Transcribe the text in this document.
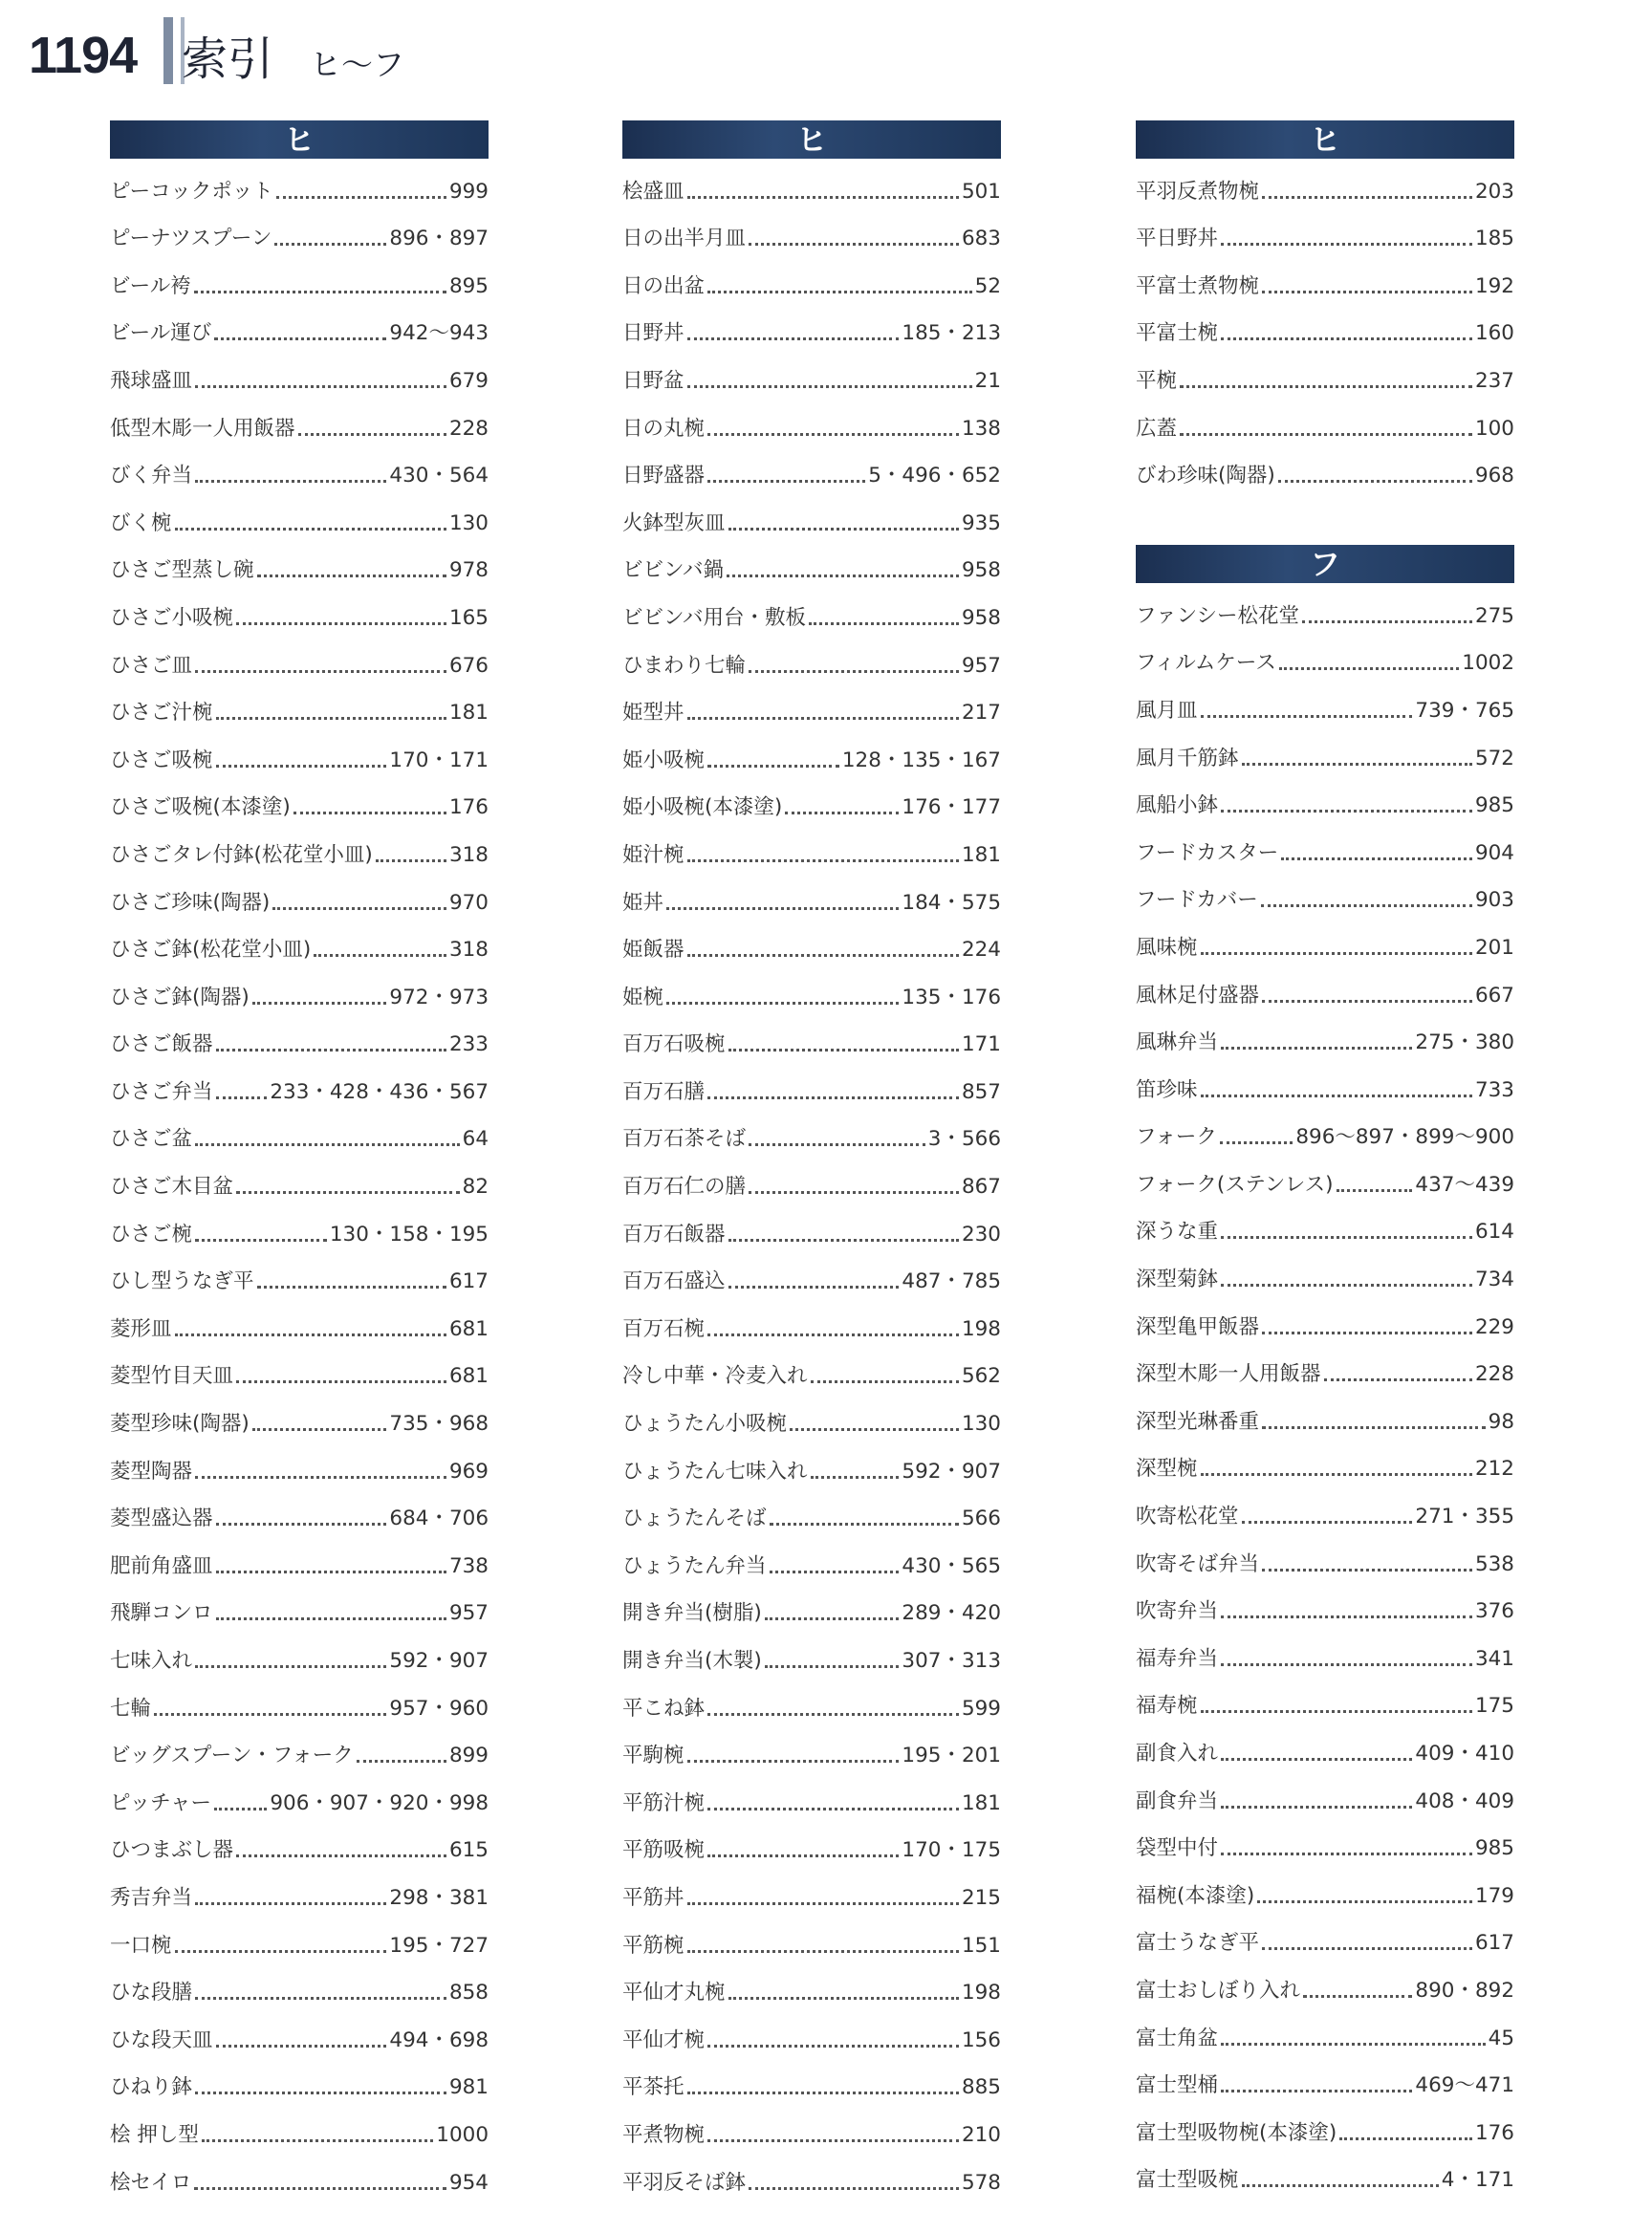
1194 索引 ヒ〜フ
ヒ
ピーコックポット	999
ピーナツスプーン	896・897
ビール袴	895
ビール運び	942〜943
飛球盛皿	679
低型木彫一人用飯器	228
びく弁当	430・564
びく椀	130
ひさご型蒸し碗	978
ひさご小吸椀	165
ひさご皿	676
ひさご汁椀	181
ひさご吸椀	170・171
ひさご吸椀(本漆塗)	176
ひさごタレ付鉢(松花堂小皿)	318
ひさご珍味(陶器)	970
ひさご鉢(松花堂小皿)	318
ひさご鉢(陶器)	972・973
ひさご飯器	233
ひさご弁当	233・428・436・567
ひさご盆	64
ひさご木目盆	82
ひさご椀	130・158・195
ひし型うなぎ平	617
菱形皿	681
菱型竹目天皿	681
菱型珍味(陶器)	735・968
菱型陶器	969
菱型盛込器	684・706
肥前角盛皿	738
飛騨コンロ	957
七味入れ	592・907
七輪	957・960
ビッグスプーン・フォーク	899
ピッチャー	906・907・920・998
ひつまぶし器	615
秀吉弁当	298・381
一口椀	195・727
ひな段膳	858
ひな段天皿	494・698
ひねり鉢	981
桧 押し型	1000
桧セイロ	954
ヒ
桧盛皿	501
日の出半月皿	683
日の出盆	52
日野丼	185・213
日野盆	21
日の丸椀	138
日野盛器	5・496・652
火鉢型灰皿	935
ビビンバ鍋	958
ビビンバ用台・敷板	958
ひまわり七輪	957
姫型丼	217
姫小吸椀	128・135・167
姫小吸椀(本漆塗)	176・177
姫汁椀	181
姫丼	184・575
姫飯器	224
姫椀	135・176
百万石吸椀	171
百万石膳	857
百万石茶そば	3・566
百万石仁の膳	867
百万石飯器	230
百万石盛込	487・785
百万石椀	198
冷し中華・冷麦入れ	562
ひょうたん小吸椀	130
ひょうたん七味入れ	592・907
ひょうたんそば	566
ひょうたん弁当	430・565
開き弁当(樹脂)	289・420
開き弁当(木製)	307・313
平こね鉢	599
平駒椀	195・201
平筋汁椀	181
平筋吸椀	170・175
平筋丼	215
平筋椀	151
平仙才丸椀	198
平仙才椀	156
平茶托	885
平煮物椀	210
平羽反そば鉢	578
ヒ
平羽反煮物椀	203
平日野丼	185
平富士煮物椀	192
平富士椀	160
平椀	237
広蓋	100
びわ珍味(陶器)	968
フ
ファンシー松花堂	275
フィルムケース	1002
風月皿	739・765
風月千筋鉢	572
風船小鉢	985
フードカスター	904
フードカバー	903
風味椀	201
風林足付盛器	667
風琳弁当	275・380
笛珍味	733
フォーク	896〜897・899〜900
フォーク(ステンレス)	437〜439
深うな重	614
深型菊鉢	734
深型亀甲飯器	229
深型木彫一人用飯器	228
深型光琳番重	98
深型椀	212
吹寄松花堂	271・355
吹寄そば弁当	538
吹寄弁当	376
福寿弁当	341
福寿椀	175
副食入れ	409・410
副食弁当	408・409
袋型中付	985
福椀(本漆塗)	179
富士うなぎ平	617
富士おしぼり入れ	890・892
富士角盆	45
富士型桶	469〜471
富士型吸物椀(本漆塗)	176
富士型吸椀	4・171
